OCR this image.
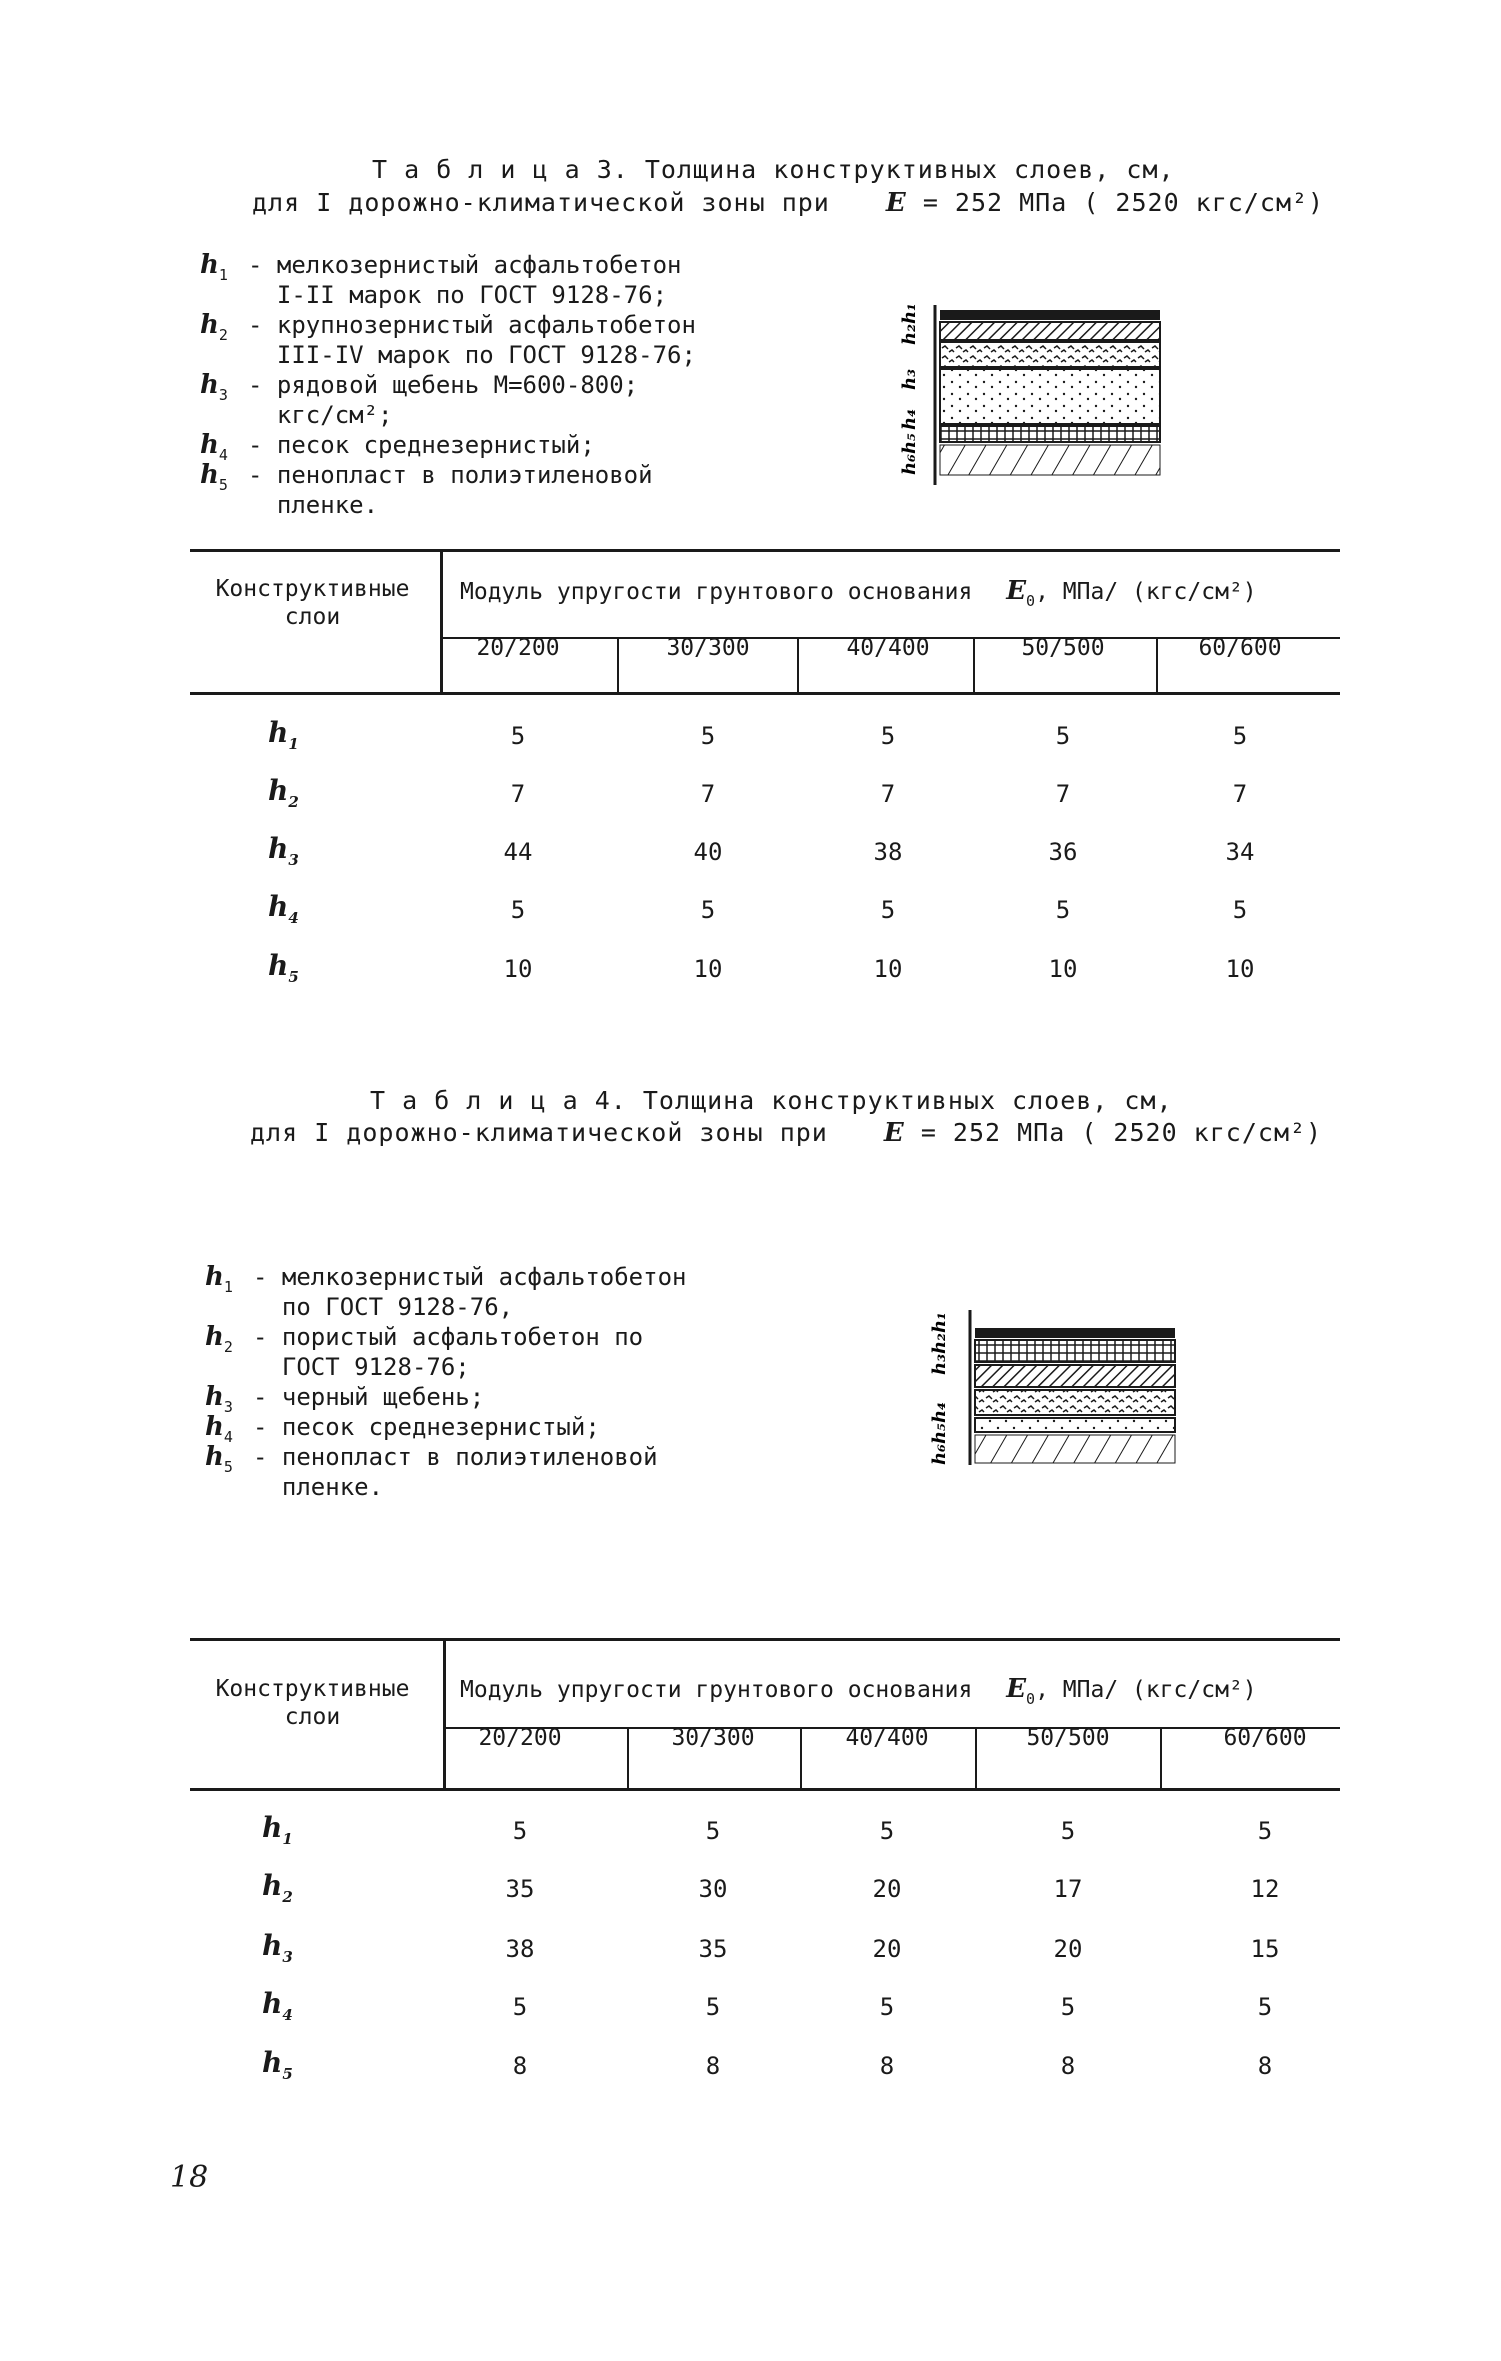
Т а б л и ц а 3. Толщина конструктивных слоев, см,
для I дорожно-климатической зоны при E = 252 МПа ( 2520 кгс/см²)
$h_1$ - мелкозернистый асфальтобетон
I-II марок по ГОСТ 9128-76;
$h_2$ - крупнозернистый асфальтобетон
III-IV марок по ГОСТ 9128-76;
$h_3$ - рядовой щебень М=600-800;
кгс/см²;
$h_4$ - песок среднезернистый;
$h_5$ - пенопласт в полиэтиленовой
пленке.
h₂h₁
h₃
h₄
h₆h₅
Конструктивные
слои
Модуль упругости грунтового основания $E_0$, МПа/ (кгс/см²)
20/200	30/300	40/400	50/500	60/600
$h_1$	5	5	5	5	5
$h_2$	7	7	7	7	7
$h_3$	44	40	38	36	34
$h_4$	5	5	5	5	5
$h_5$	10	10	10	10	10
Т а б л и ц а 4. Толщина конструктивных слоев, см,
для I дорожно-климатической зоны при E = 252 МПа ( 2520 кгс/см²)
$h_1$ - мелкозернистый асфальтобетон
по ГОСТ 9128-76,
$h_2$ - пористый асфальтобетон по
ГОСТ 9128-76;
$h_3$ - черный щебень;
$h_4$ - песок среднезернистый;
$h_5$ - пенопласт в полиэтиленовой
пленке.
h₃h₂h₁
h₆h₅h₄
Конструктивные
слои
Модуль упругости грунтового основания $E_0$, МПа/ (кгс/см²)
20/200	30/300	40/400	50/500	60/600
$h_1$	5	5	5	5	5
$h_2$	35	30	20	17	12
$h_3$	38	35	20	20	15
$h_4$	5	5	5	5	5
$h_5$	8	8	8	8	8
18
